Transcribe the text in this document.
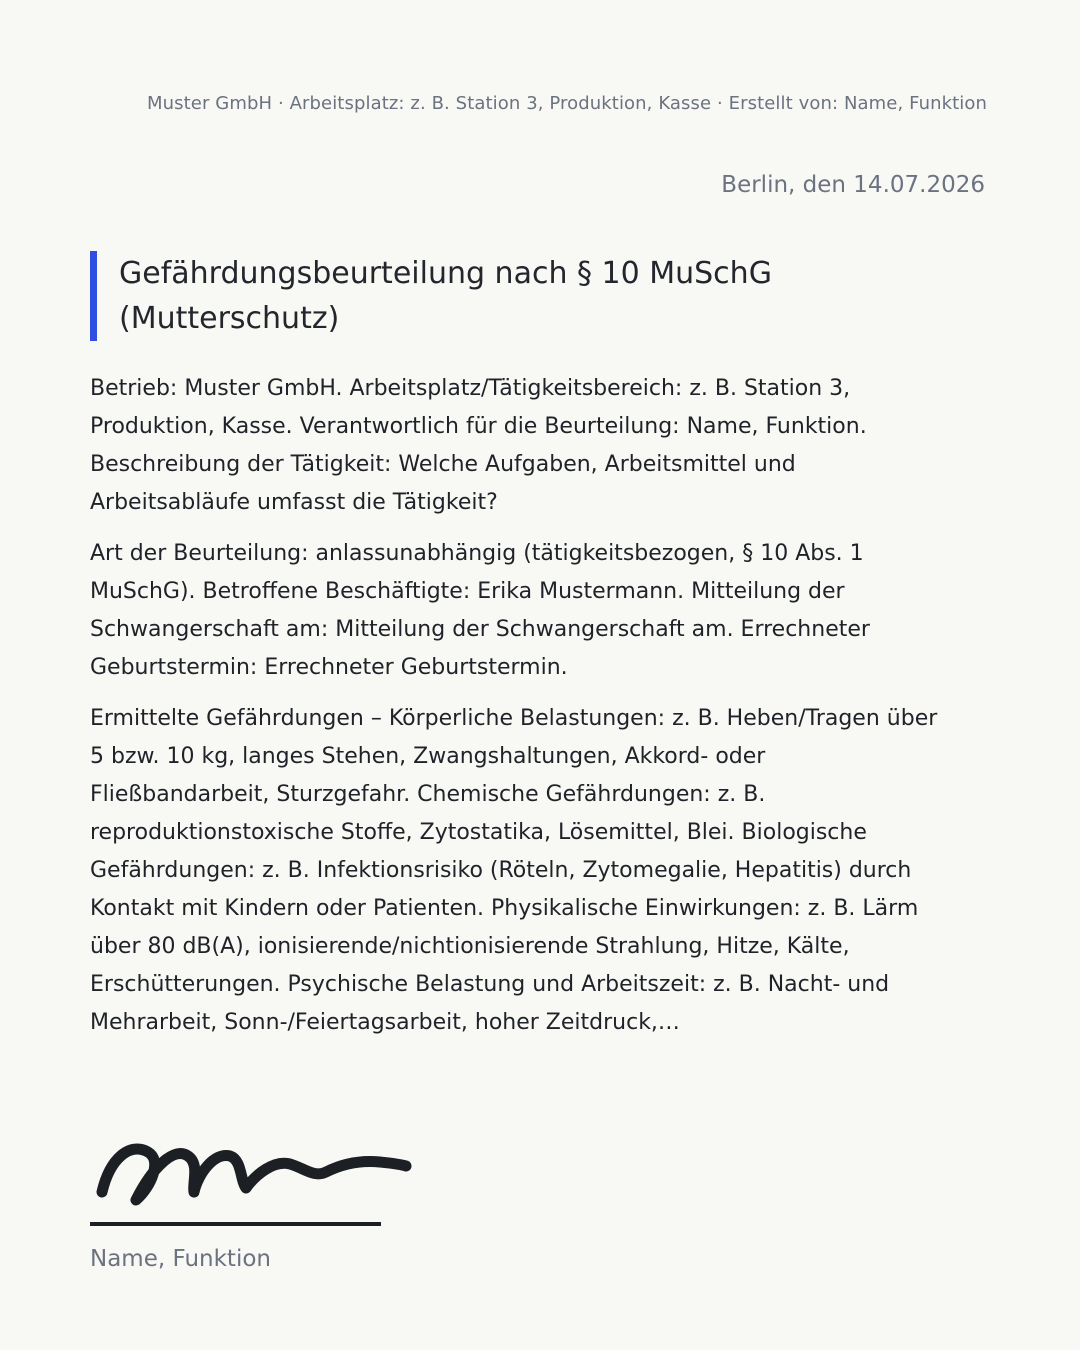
Muster GmbH · Arbeitsplatz: z. B. Station 3, Produktion, Kasse · Erstellt von: Name, Funktion
Berlin, den 14.07.2026
Gefährdungsbeurteilung nach § 10 MuSchG (Mutterschutz)

Betrieb: Muster GmbH. Arbeitsplatz/Tätigkeitsbereich: z. B. Station 3, Produktion, Kasse. Verantwortlich für die Beurteilung: Name, Funktion. Beschreibung der Tätigkeit: Welche Aufgaben, Arbeitsmittel und Arbeitsabläufe umfasst die Tätigkeit?

Art der Beurteilung: anlassunabhängig (tätigkeitsbezogen, § 10 Abs. 1 MuSchG). Betroffene Beschäftigte: Erika Mustermann. Mitteilung der Schwangerschaft am: Mitteilung der Schwangerschaft am. Errechneter Geburtstermin: Errechneter Geburtstermin.

Ermittelte Gefährdungen – Körperliche Belastungen: z. B. Heben/Tragen über 5 bzw. 10 kg, langes Stehen, Zwangshaltungen, Akkord- oder Fließbandarbeit, Sturzgefahr. Chemische Gefährdungen: z. B. reproduktionstoxische Stoffe, Zytostatika, Lösemittel, Blei. Biologische Gefährdungen: z. B. Infektionsrisiko (Röteln, Zytomegalie, Hepatitis) durch Kontakt mit Kindern oder Patienten. Physikalische Einwirkungen: z. B. Lärm über 80 dB(A), ionisierende/nichtionisierende Strahlung, Hitze, Kälte, Erschütterungen. Psychische Belastung und Arbeitszeit: z. B. Nacht- und Mehrarbeit, Sonn-/Feiertagsarbeit, hoher Zeitdruck,…

Name, Funktion
